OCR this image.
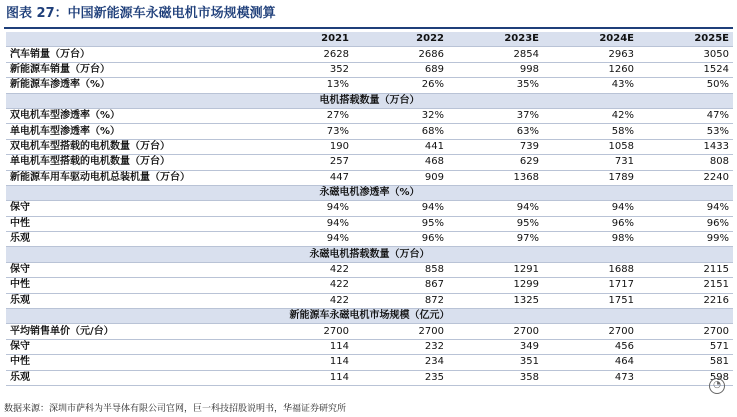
图表 27：中国新能源车永磁电机市场规模测算
	2021	2022	2023E	2024E	2025E
汽车销量（万台）	2628	2686	2854	2963	3050
新能源车销量（万台）	352	689	998	1260	1524
新能源车渗透率（%）	13%	26%	35%	43%	50%
电机搭载数量（万台）					
双电机车型渗透率（%）	27%	32%	37%	42%	47%
单电机车型渗透率（%）	73%	68%	63%	58%	53%
双电机车型搭载的电机数量（万台）	190	441	739	1058	1433
单电机车型搭载的电机数量（万台）	257	468	629	731	808
新能源车用车驱动电机总装机量（万台）	447	909	1368	1789	2240
永磁电机渗透率（%）					
保守	94%	94%	94%	94%	94%
中性	94%	95%	95%	96%	96%
乐观	94%	96%	97%	98%	99%
永磁电机搭载数量（万台）					
保守	422	858	1291	1688	2115
中性	422	867	1299	1717	2151
乐观	422	872	1325	1751	2216
新能源车永磁电机市场规模（亿元）					
平均销售单价（元/台）	2700	2700	2700	2700	2700
保守	114	232	349	456	571
中性	114	234	351	464	581
乐观	114	235	358	473	598
数据来源：深圳市萨科为半导体有限公司官网，巨一科技招股说明书，华福证券研究所
◔
